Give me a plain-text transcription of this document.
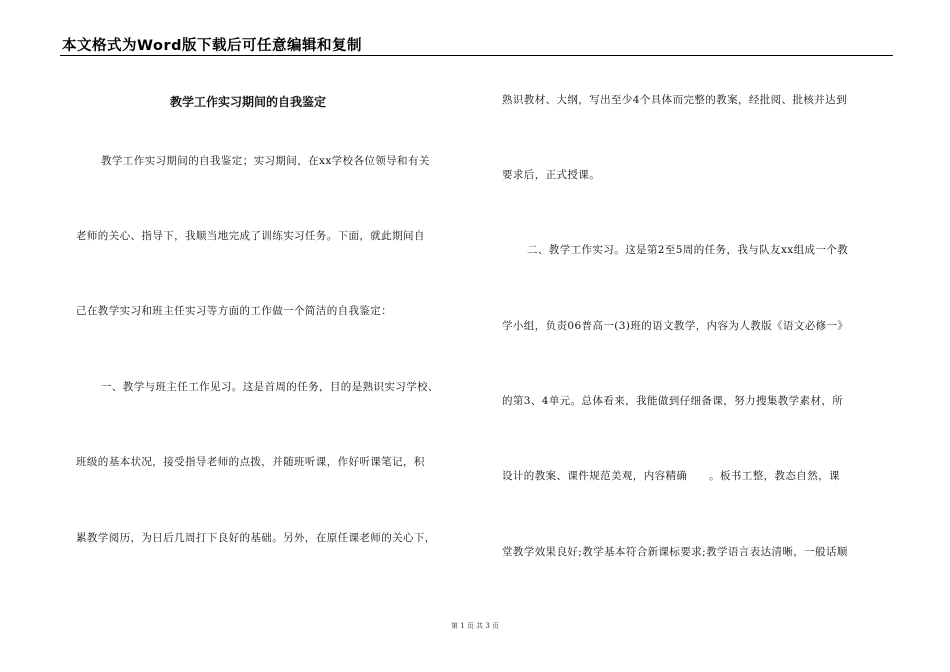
本文格式为Word版下载后可任意编辑和复制
教学工作实习期间的自我鉴定
教学工作实习期间的自我鉴定；实习期间，在xx学校各位领导和有关
老师的关心、指导下，我顺当地完成了训练实习任务。下面，就此期间自
己在教学实习和班主任实习等方面的工作做一个简洁的自我鉴定：
一、教学与班主任工作见习。这是首周的任务，目的是熟识实习学校、
班级的基本状况，接受指导老师的点拨，并随班听课，作好听课笔记，积
累教学阅历，为日后几周打下良好的基础。另外，在原任课老师的关心下，
熟识教材、大纲，写出至少4个具体而完整的教案，经批阅、批核并达到
要求后，正式授课。
二、教学工作实习。这是第2至5周的任务，我与队友xx组成一个教
学小组，负责06普高一(3)班的语文教学，内容为人教版《语文必修一》
的第3、4单元。总体看来，我能做到仔细备课，努力搜集教学素材，所
设计的教案、课件规范美观，内容精确　　。板书工整，教态自然，课
堂教学效果良好;教学基本符合新课标要求;教学语言表达清晰，一般话顺
第 1 页 共 3 页
